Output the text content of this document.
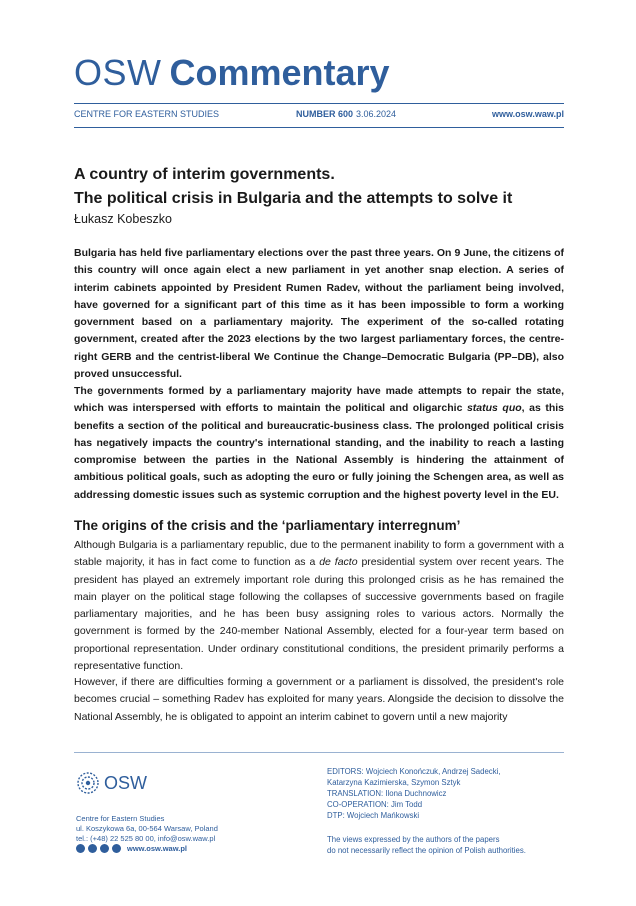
OSW Commentary
CENTRE FOR EASTERN STUDIES	NUMBER 600 3.06.2024	www.osw.waw.pl
A country of interim governments.
The political crisis in Bulgaria and the attempts to solve it
Łukasz Kobeszko

Bulgaria has held five parliamentary elections over the past three years. On 9 June, the citizens of this country will once again elect a new parliament in yet another snap election. A series of interim cabinets appointed by President Rumen Radev, without the parliament being involved, have governed for a significant part of this time as it has been impossible to form a working government based on a parliamentary majority. The experiment of the so-called rotating government, created after the 2023 elections by the two largest parliamentary forces, the centre-right GERB and the centrist-liberal We Continue the Change–Democratic Bulgaria (PP–DB), also proved unsuccessful.

The governments formed by a parliamentary majority have made attempts to repair the state, which was interspersed with efforts to maintain the political and oligarchic status quo, as this benefits a section of the political and bureaucratic-business class. The prolonged political crisis has negatively impacts the country's international standing, and the inability to reach a lasting compromise between the parties in the National Assembly is hindering the attainment of ambitious political goals, such as adopting the euro or fully joining the Schengen area, as well as addressing domestic issues such as systemic corruption and the highest poverty level in the EU.

The origins of the crisis and the ‘parliamentary interregnum’

Although Bulgaria is a parliamentary republic, due to the permanent inability to form a government with a stable majority, it has in fact come to function as a de facto presidential system over recent years. The president has played an extremely important role during this prolonged crisis as he has remained the main player on the political stage following the collapses of successive governments based on fragile parliamentary majorities, and he has been busy assigning roles to various actors. Normally the government is formed by the 240-member National Assembly, elected for a four-year term based on proportional representation. Under ordinary constitutional conditions, the president primarily performs a representative function.

However, if there are difficulties forming a government or a parliament is dissolved, the president's role becomes crucial – something Radev has exploited for many years. Alongside the decision to dissolve the National Assembly, he is obligated to appoint an interim cabinet to govern until a new majority

OSW
Centre for Eastern Studies
ul. Koszykowa 6a, 00-564 Warsaw, Poland
tel.: (+48) 22 525 80 00, info@osw.waw.pl
www.osw.waw.pl
EDITORS: Wojciech Konończuk, Andrzej Sadecki,
Katarzyna Kazimierska, Szymon Sztyk
TRANSLATION: Ilona Duchnowicz
CO-OPERATION: Jim Todd
DTP: Wojciech Mańkowski
The views expressed by the authors of the papers
do not necessarily reflect the opinion of Polish authorities.
